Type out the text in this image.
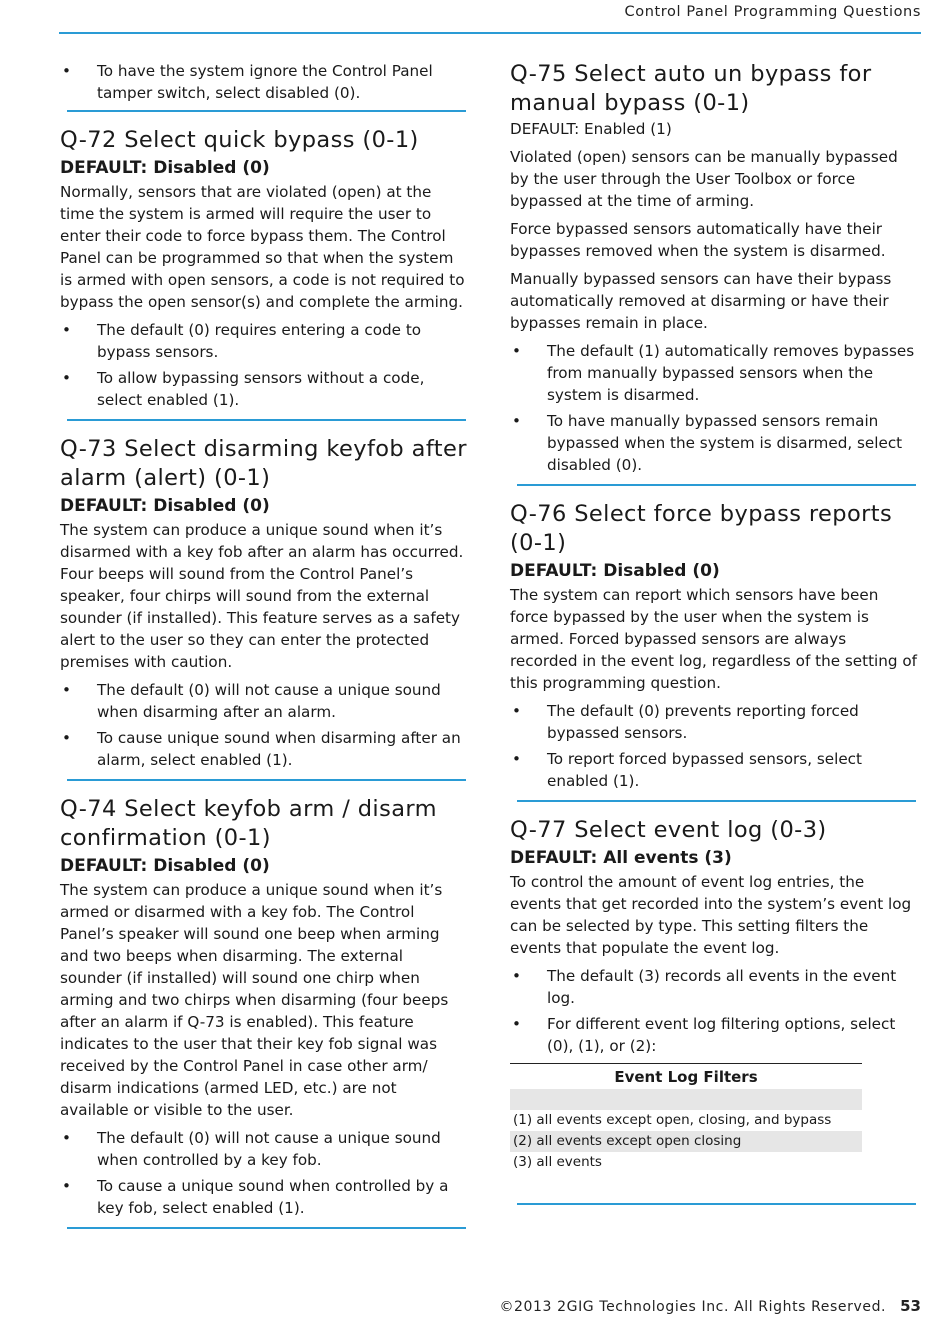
Control Panel Programming Questions
• To have the system ignore the Control Panel tamper switch, select disabled (0).
Q-72 Select quick bypass (0-1)
DEFAULT: Disabled (0)

Normally, sensors that are violated (open) at the time the system is armed will require the user to enter their code to force bypass them. The Control Panel can be programmed so that when the system is armed with open sensors, a code is not required to bypass the open sensor(s) and complete the arming.

• The default (0) requires entering a code to bypass sensors.
• To allow bypassing sensors without a code, select enabled (1).
Q-73 Select disarming keyfob after alarm (alert) (0-1)
DEFAULT: Disabled (0)

The system can produce a unique sound when it’s disarmed with a key fob after an alarm has occurred. Four beeps will sound from the Control Panel’s speaker, four chirps will sound from the external sounder (if installed). This feature serves as a safety alert to the user so they can enter the protected premises with caution.

• The default (0) will not cause a unique sound when disarming after an alarm.
• To cause unique sound when disarming after an alarm, select enabled (1).
Q-74 Select keyfob arm / disarm confirmation (0-1)
DEFAULT: Disabled (0)

The system can produce a unique sound when it’s armed or disarmed with a key fob. The Control Panel’s speaker will sound one beep when arming and two beeps when disarming. The external sounder (if installed) will sound one chirp when arming and two chirps when disarming (four beeps after an alarm if Q-73 is enabled). This feature indicates to the user that their key fob signal was received by the Control Panel in case other arm/ disarm indications (armed LED, etc.) are not available or visible to the user.

• The default (0) will not cause a unique sound when controlled by a key fob.
• To cause a unique sound when controlled by a key fob, select enabled (1).
Q-75 Select auto un bypass for manual bypass (0-1)
DEFAULT: Enabled (1)

Violated (open) sensors can be manually bypassed by the user through the User Toolbox or force bypassed at the time of arming.

Force bypassed sensors automatically have their bypasses removed when the system is disarmed.

Manually bypassed sensors can have their bypass automatically removed at disarming or have their bypasses remain in place.

• The default (1) automatically removes bypasses from manually bypassed sensors when the system is disarmed.
• To have manually bypassed sensors remain bypassed when the system is disarmed, select disabled (0).
Q-76 Select force bypass reports (0-1)
DEFAULT: Disabled (0)

The system can report which sensors have been force bypassed by the user when the system is armed. Forced bypassed sensors are always recorded in the event log, regardless of the setting of this programming question.

• The default (0) prevents reporting forced bypassed sensors.
• To report forced bypassed sensors, select enabled (1).
Q-77 Select event log (0-3)
DEFAULT: All events (3)

To control the amount of event log entries, the events that get recorded into the system’s event log can be selected by type. This setting filters the events that populate the event log.

• The default (3) records all events in the event log.
• For different event log filtering options, select (0), (1), or (2):
Event Log Filters

(1) all events except open, closing, and bypass
(2) all events except open closing
(3) all events
©2013 2GIG Technologies Inc. All Rights Reserved. 53
